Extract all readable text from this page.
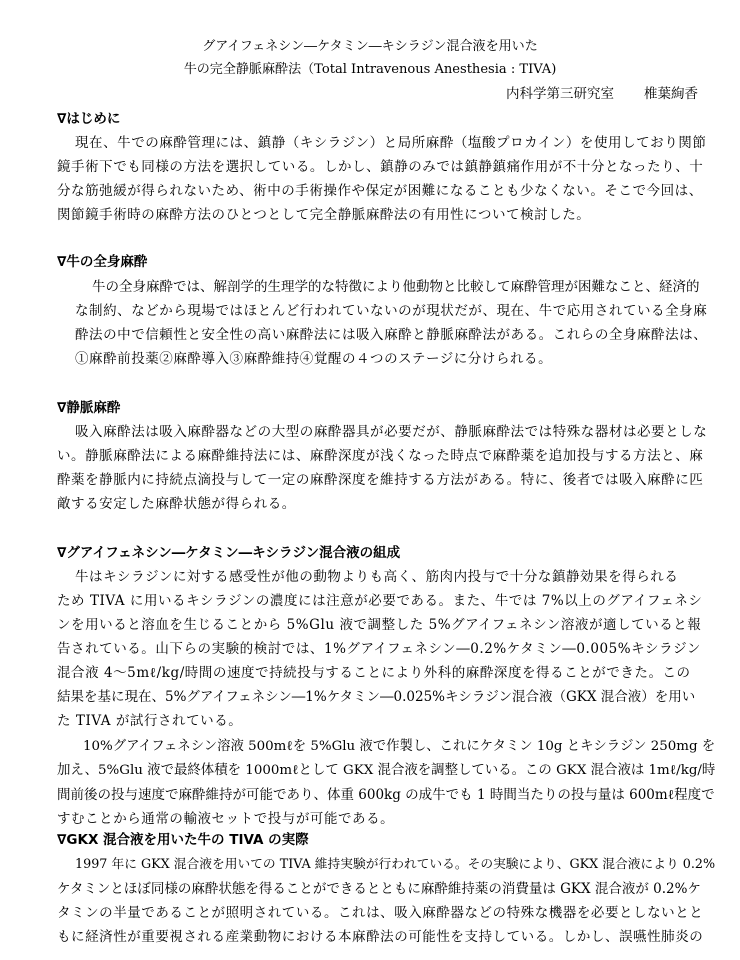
グアイフェネシン―ケタミン―キシラジン混合液を用いた
牛の完全静脈麻酔法（Total Intravenous Anesthesia : TIVA)
内科学第三研究室 椎葉絢香
∇はじめに
現在、牛での麻酔管理には、鎮静（キシラジン）と局所麻酔（塩酸プロカイン）を使用しており関節
鏡手術下でも同様の方法を選択している。しかし、鎮静のみでは鎮静鎮痛作用が不十分となったり、十
分な筋弛緩が得られないため、術中の手術操作や保定が困難になることも少なくない。そこで今回は、
関節鏡手術時の麻酔方法のひとつとして完全静脈麻酔法の有用性について検討した。
∇牛の全身麻酔
牛の全身麻酔では、解剖学的生理学的な特徴により他動物と比較して麻酔管理が困難なこと、経済的
な制約、などから現場ではほとんど行われていないのが現状だが、現在、牛で応用されている全身麻
酔法の中で信頼性と安全性の高い麻酔法には吸入麻酔と静脈麻酔法がある。これらの全身麻酔法は、
①麻酔前投薬②麻酔導入③麻酔維持④覚醒の４つのステージに分けられる。
∇静脈麻酔
吸入麻酔法は吸入麻酔器などの大型の麻酔器具が必要だが、静脈麻酔法では特殊な器材は必要としな
い。静脈麻酔法による麻酔維持法には、麻酔深度が浅くなった時点で麻酔薬を追加投与する方法と、麻
酔薬を静脈内に持続点滴投与して一定の麻酔深度を維持する方法がある。特に、後者では吸入麻酔に匹
敵する安定した麻酔状態が得られる。
∇グアイフェネシン―ケタミン―キシラジン混合液の組成
牛はキシラジンに対する感受性が他の動物よりも高く、筋肉内投与で十分な鎮静効果を得られる
ため TIVA に用いるキシラジンの濃度には注意が必要である。また、牛では 7%以上のグアイフェネシ
ンを用いると溶血を生じることから 5%Glu 液で調整した 5%グアイフェネシン溶液が適していると報
告されている。山下らの実験的検討では、1%グアイフェネシン―0.2%ケタミン―0.005%キシラジン
混合液 4～5mℓ/kg/時間の速度で持続投与することにより外科的麻酔深度を得ることができた。この
結果を基に現在、5%グアイフェネシン―1%ケタミン―0.025%キシラジン混合液（GKX 混合液）を用い
た TIVA が試行されている。
10%グアイフェネシン溶液 500mℓを 5%Glu 液で作製し、これにケタミン 10g とキシラジン 250mg を
加え、5%Glu 液で最終体積を 1000mℓとして GKX 混合液を調整している。この GKX 混合液は 1mℓ/kg/時
間前後の投与速度で麻酔維持が可能であり、体重 600kg の成牛でも 1 時間当たりの投与量は 600mℓ程度で
すむことから通常の輸液セットで投与が可能である。
∇GKX 混合液を用いた牛の TIVA の実際
1997 年に GKX 混合液を用いての TIVA 維持実験が行われている。その実験により、GKX 混合液により 0.2%
ケタミンとほぼ同様の麻酔状態を得ることができるとともに麻酔維持薬の消費量は GKX 混合液が 0.2%ケ
タミンの半量であることが照明されている。これは、吸入麻酔器などの特殊な機器を必要としないとと
もに経済性が重要視される産業動物における本麻酔法の可能性を支持している。しかし、誤嚥性肺炎の
